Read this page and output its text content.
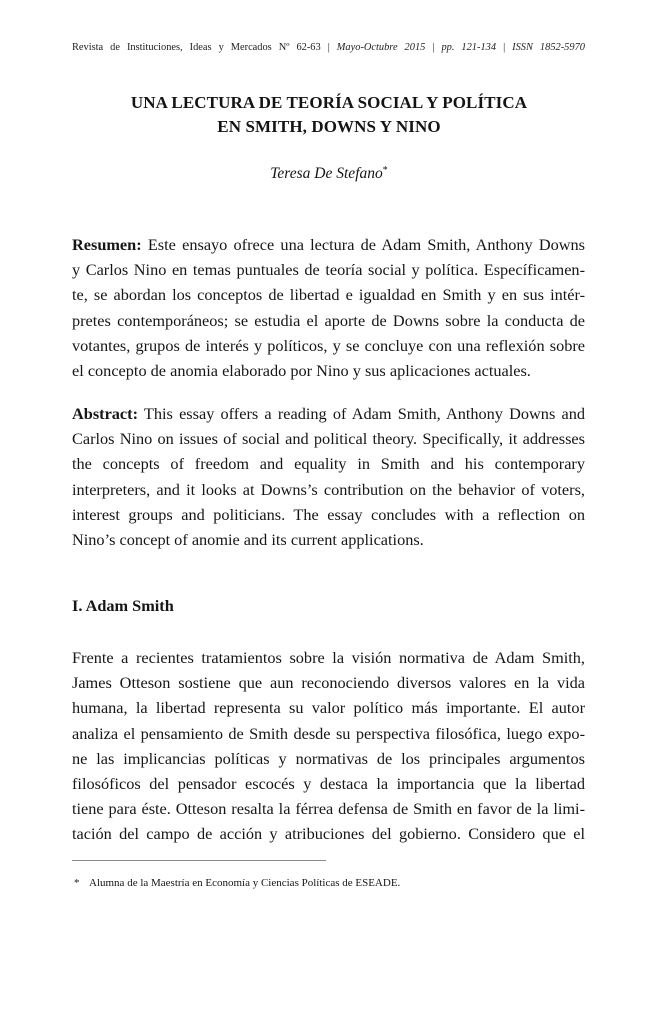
Revista de Instituciones, Ideas y Mercados Nº 62-63 | Mayo-Octubre 2015 | pp. 121-134 | ISSN 1852-5970
UNA LECTURA DE TEORÍA SOCIAL Y POLÍTICA
EN SMITH, DOWNS Y NINO
Teresa De Stefano*
Resumen: Este ensayo ofrece una lectura de Adam Smith, Anthony Downs
y Carlos Nino en temas puntuales de teoría social y política. Específicamen-
te, se abordan los conceptos de libertad e igualdad en Smith y en sus intér-
pretes contemporáneos; se estudia el aporte de Downs sobre la conducta de
votantes, grupos de interés y políticos, y se concluye con una reflexión sobre
el concepto de anomia elaborado por Nino y sus aplicaciones actuales.
Abstract: This essay offers a reading of Adam Smith, Anthony Downs and
Carlos Nino on issues of social and political theory. Specifically, it addresses
the concepts of freedom and equality in Smith and his contemporary
interpreters, and it looks at Downs’s contribution on the behavior of voters,
interest groups and politicians. The essay concludes with a reflection on
Nino’s concept of anomie and its current applications.
I. Adam Smith
Frente a recientes tratamientos sobre la visión normativa de Adam Smith,
James Otteson sostiene que aun reconociendo diversos valores en la vida
humana, la libertad representa su valor político más importante. El autor
analiza el pensamiento de Smith desde su perspectiva filosófica, luego expo-
ne las implicancias políticas y normativas de los principales argumentos
filosóficos del pensador escocés y destaca la importancia que la libertad
tiene para éste. Otteson resalta la férrea defensa de Smith en favor de la limi-
tación del campo de acción y atribuciones del gobierno. Considero que el
* Alumna de la Maestría en Economía y Ciencias Políticas de ESEADE.
